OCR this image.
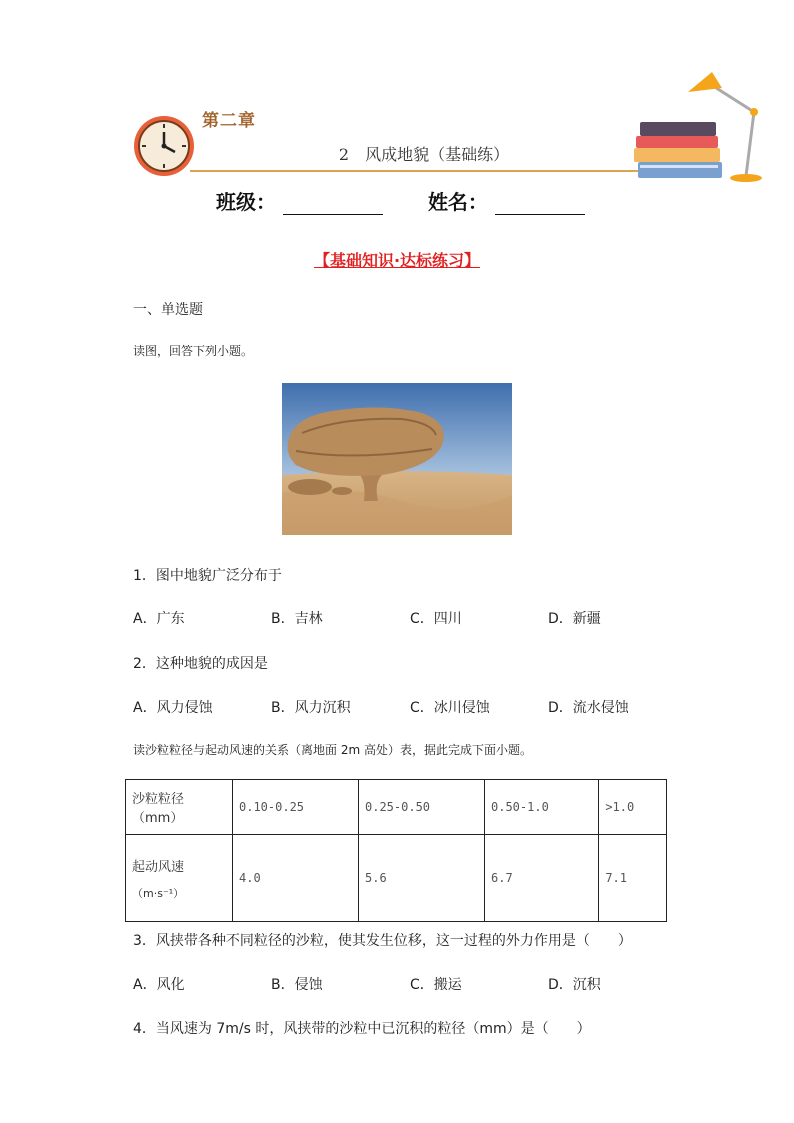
第二章
2　风成地貌（基础练）
班级：	姓名：
【基础知识·达标练习】
一、单选题
读图，回答下列小题。
1．图中地貌广泛分布于
A．广东	B．吉林	C．四川	D．新疆
2．这种地貌的成因是
A．风力侵蚀	B．风力沉积	C．冰川侵蚀	D．流水侵蚀
读沙粒粒径与起动风速的关系（离地面 2m 高处）表，据此完成下面小题。
沙粒粒径（mm）	0.10-0.25	0.25-0.50	0.50-1.0	>1.0

起动风速
（m·s⁻¹）	4.0	5.6	6.7	7.1
3．风挟带各种不同粒径的沙粒，使其发生位移，这一过程的外力作用是（　　）
A．风化	B．侵蚀	C．搬运	D．沉积
4．当风速为 7m/s 时，风挟带的沙粒中已沉积的粒径（mm）是（　　）
